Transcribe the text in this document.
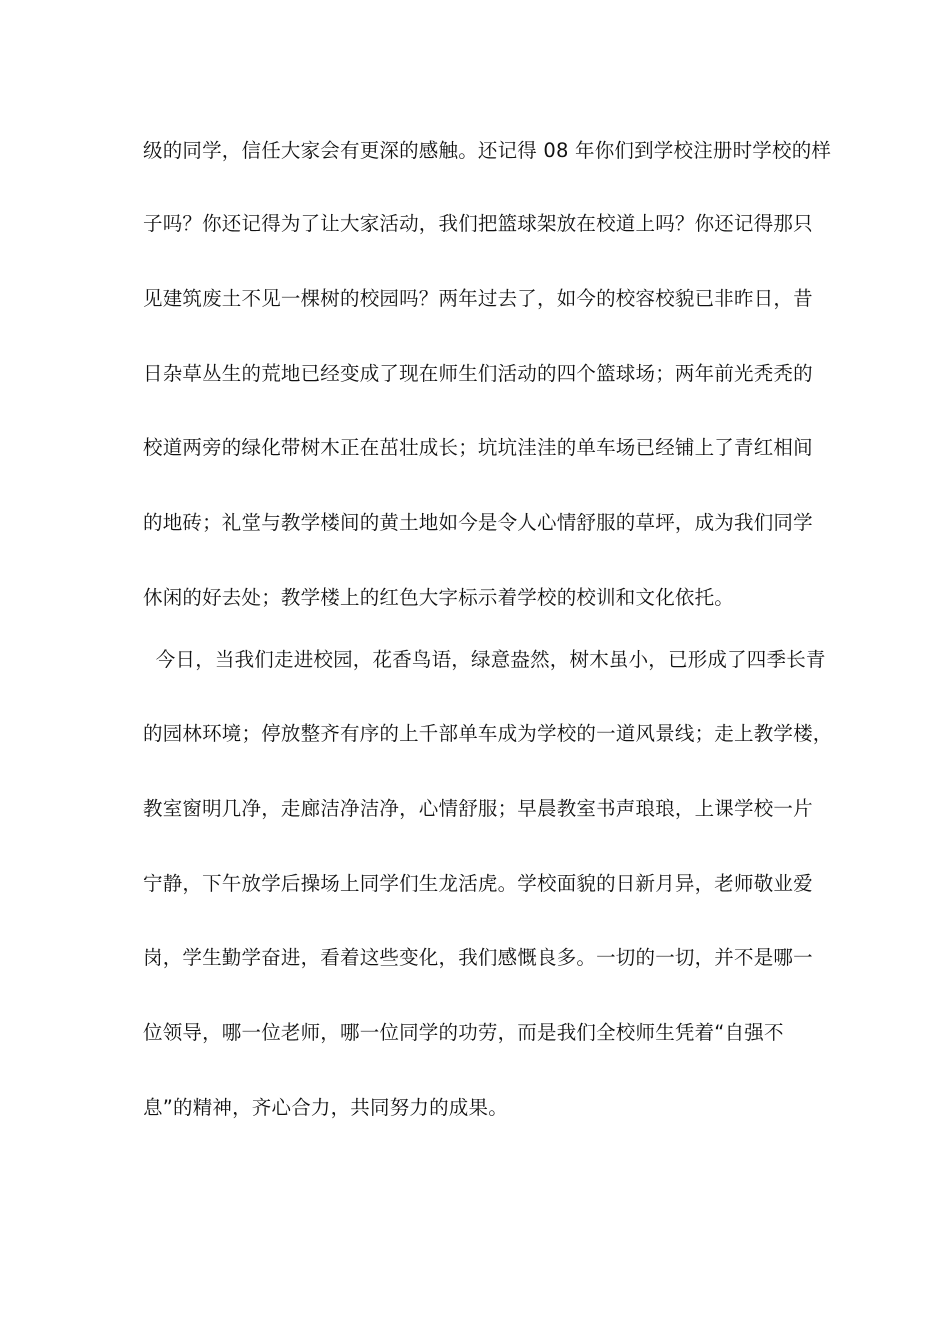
级的同学，信任大家会有更深的感触。还记得 08 年你们到学校注册时学校的样
子吗？你还记得为了让大家活动，我们把篮球架放在校道上吗？你还记得那只
见建筑废土不见一棵树的校园吗？两年过去了，如今的校容校貌已非昨日，昔
日杂草丛生的荒地已经变成了现在师生们活动的四个篮球场；两年前光秃秃的
校道两旁的绿化带树木正在茁壮成长；坑坑洼洼的单车场已经铺上了青红相间
的地砖；礼堂与教学楼间的黄土地如今是令人心情舒服的草坪，成为我们同学
休闲的好去处；教学楼上的红色大字标示着学校的校训和文化依托。
今日，当我们走进校园，花香鸟语，绿意盎然，树木虽小，已形成了四季长青
的园林环境；停放整齐有序的上千部单车成为学校的一道风景线；走上教学楼，
教室窗明几净，走廊洁净洁净，心情舒服；早晨教室书声琅琅，上课学校一片
宁静，下午放学后操场上同学们生龙活虎。学校面貌的日新月异，老师敬业爱
岗，学生勤学奋进，看着这些变化，我们感慨良多。一切的一切，并不是哪一
位领导，哪一位老师，哪一位同学的功劳，而是我们全校师生凭着“自强不
息”的精神，齐心合力，共同努力的成果。
